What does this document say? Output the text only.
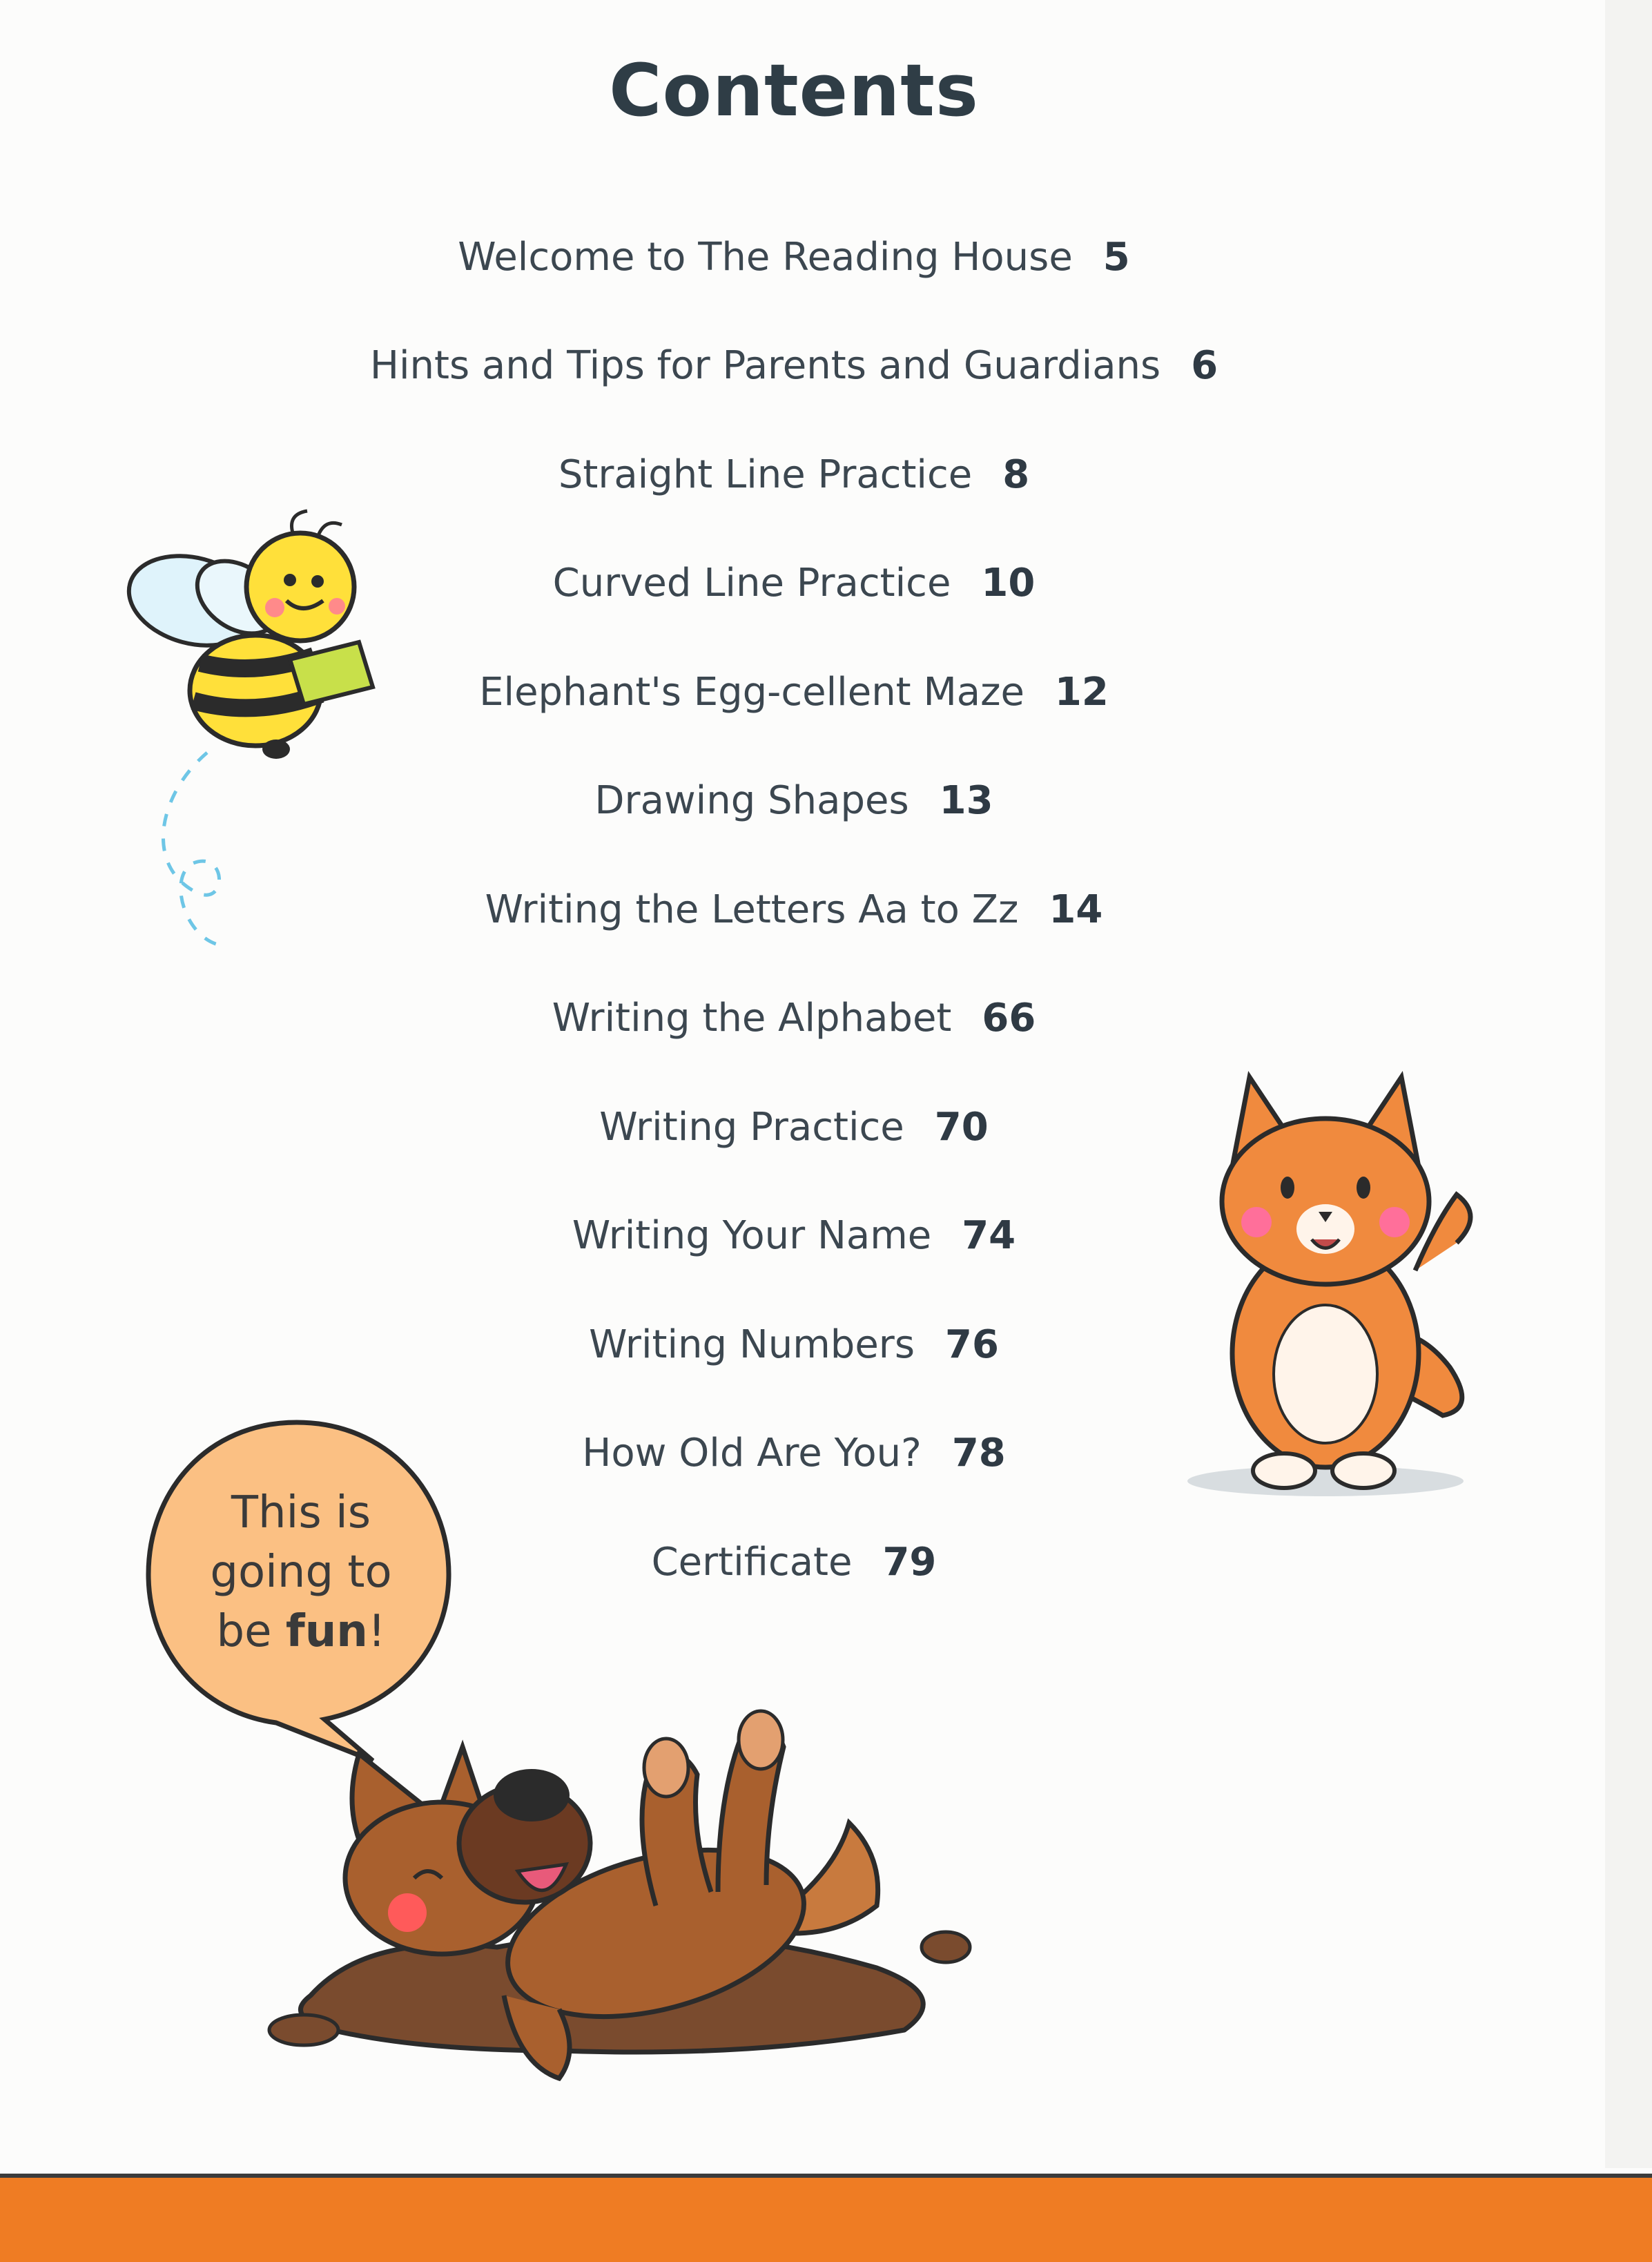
Contents
Welcome to The Reading House 5
Hints and Tips for Parents and Guardians 6
Straight Line Practice 8
Curved Line Practice 10
Elephant's Egg-cellent Maze 12
Drawing Shapes 13
Writing the Letters Aa to Zz 14
Writing the Alphabet 66
Writing Practice 70
Writing Your Name 74
Writing Numbers 76
How Old Are You? 78
Certificate 79
This is
going to
be fun!
